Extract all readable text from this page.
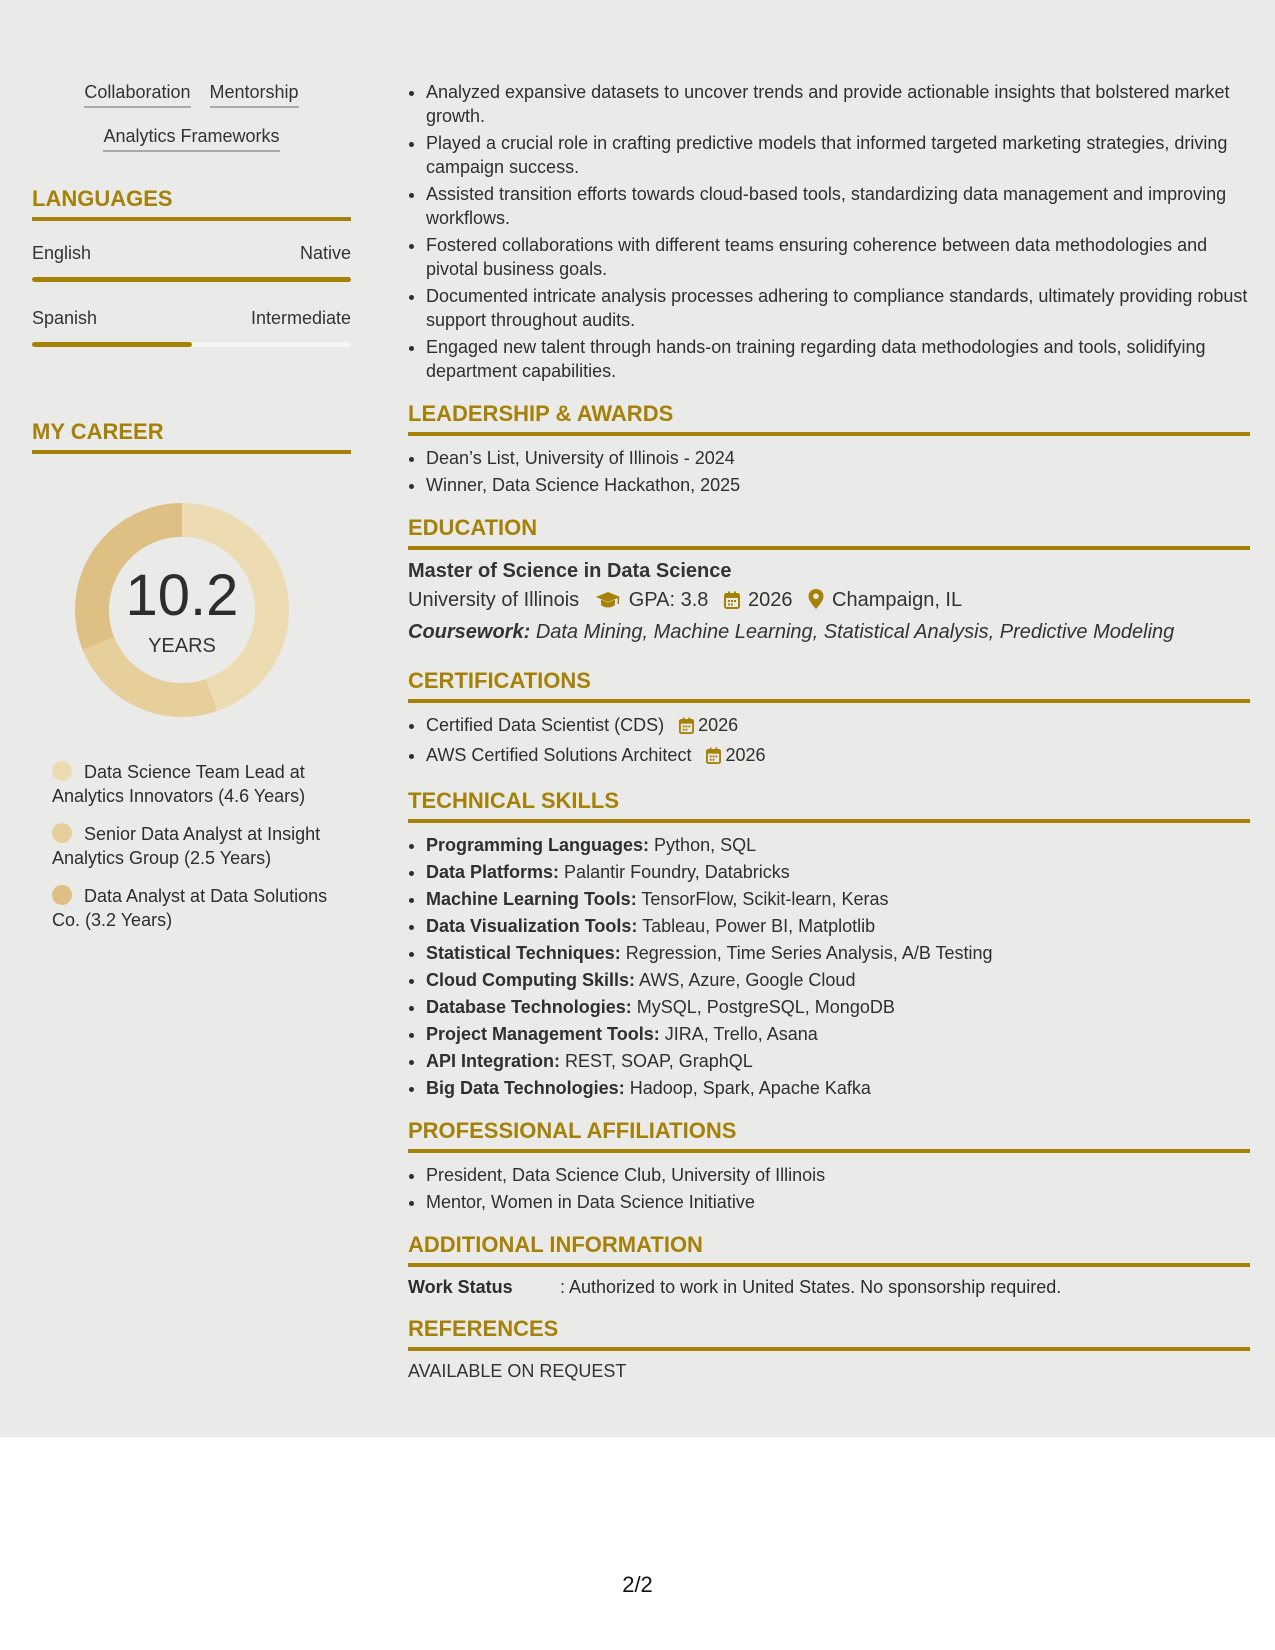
Collaboration Mentorship
Analytics Frameworks
LANGUAGES
English	Native
Spanish	Intermediate
MY CAREER
10.2
YEARS
Data Science Team Lead at Analytics Innovators (4.6 Years)
Senior Data Analyst at Insight Analytics Group (2.5 Years)
Data Analyst at Data Solutions Co. (3.2 Years)
• Analyzed expansive datasets to uncover trends and provide actionable insights that bolstered market growth.
• Played a crucial role in crafting predictive models that informed targeted marketing strategies, driving campaign success.
• Assisted transition efforts towards cloud-based tools, standardizing data management and improving workflows.
• Fostered collaborations with different teams ensuring coherence between data methodologies and pivotal business goals.
• Documented intricate analysis processes adhering to compliance standards, ultimately providing robust support throughout audits.
• Engaged new talent through hands-on training regarding data methodologies and tools, solidifying department capabilities.
LEADERSHIP & AWARDS
• Dean’s List, University of Illinois - 2024
• Winner, Data Science Hackathon, 2025
EDUCATION
Master of Science in Data Science
University of Illinois GPA: 3.8 2026 Champaign, IL
Coursework: Data Mining, Machine Learning, Statistical Analysis, Predictive Modeling
CERTIFICATIONS
• Certified Data Scientist (CDS) 2026
• AWS Certified Solutions Architect 2026
TECHNICAL SKILLS
• Programming Languages: Python, SQL
• Data Platforms: Palantir Foundry, Databricks
• Machine Learning Tools: TensorFlow, Scikit-learn, Keras
• Data Visualization Tools: Tableau, Power BI, Matplotlib
• Statistical Techniques: Regression, Time Series Analysis, A/B Testing
• Cloud Computing Skills: AWS, Azure, Google Cloud
• Database Technologies: MySQL, PostgreSQL, MongoDB
• Project Management Tools: JIRA, Trello, Asana
• API Integration: REST, SOAP, GraphQL
• Big Data Technologies: Hadoop, Spark, Apache Kafka
PROFESSIONAL AFFILIATIONS
• President, Data Science Club, University of Illinois
• Mentor, Women in Data Science Initiative
ADDITIONAL INFORMATION
Work Status	: Authorized to work in United States. No sponsorship required.
REFERENCES
AVAILABLE ON REQUEST
2/2
